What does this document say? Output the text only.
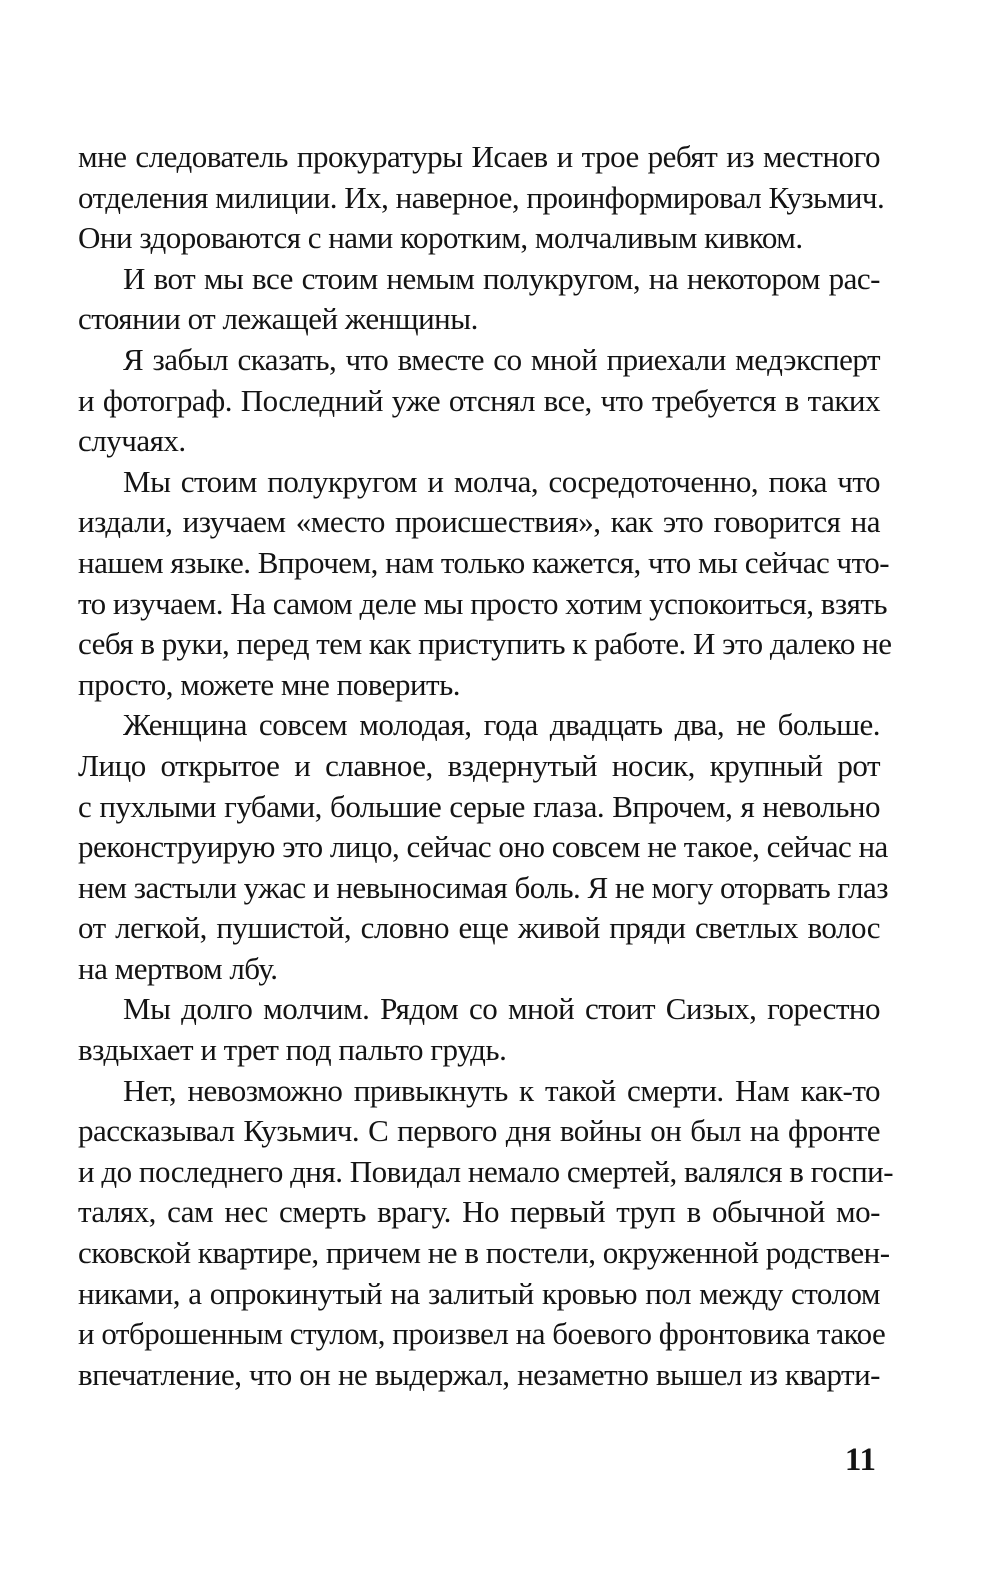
мне следователь прокуратуры Исаев и трое ребят из местного
отделения милиции. Их, наверное, проинформировал Кузьмич.
Они здороваются с нами коротким, молчаливым кивком.
И вот мы все стоим немым полукругом, на некотором рас-
стоянии от лежащей женщины.
Я забыл сказать, что вместе со мной приехали медэксперт
и фотограф. Последний уже отснял все, что требуется в таких
случаях.
Мы стоим полукругом и молча, сосредоточенно, пока что
издали, изучаем «место происшествия», как это говорится на
нашем языке. Впрочем, нам только кажется, что мы сейчас что-
то изучаем. На самом деле мы просто хотим успокоиться, взять
себя в руки, перед тем как приступить к работе. И это далеко не
просто, можете мне поверить.
Женщина совсем молодая, года двадцать два, не больше.
Лицо открытое и славное, вздернутый носик, крупный рот
с пухлыми губами, большие серые глаза. Впрочем, я невольно
реконструирую это лицо, сейчас оно совсем не такое, сейчас на
нем застыли ужас и невыносимая боль. Я не могу оторвать глаз
от легкой, пушистой, словно еще живой пряди светлых волос
на мертвом лбу.
Мы долго молчим. Рядом со мной стоит Сизых, горестно
вздыхает и трет под пальто грудь.
Нет, невозможно привыкнуть к такой смерти. Нам как-то
рассказывал Кузьмич. С первого дня войны он был на фронте
и до последнего дня. Повидал немало смертей, валялся в госпи-
талях, сам нес смерть врагу. Но первый труп в обычной мо-
сковской квартире, причем не в постели, окруженной родствен-
никами, а опрокинутый на залитый кровью пол между столом
и отброшенным стулом, произвел на боевого фронтовика такое
впечатление, что он не выдержал, незаметно вышел из кварти-
11
